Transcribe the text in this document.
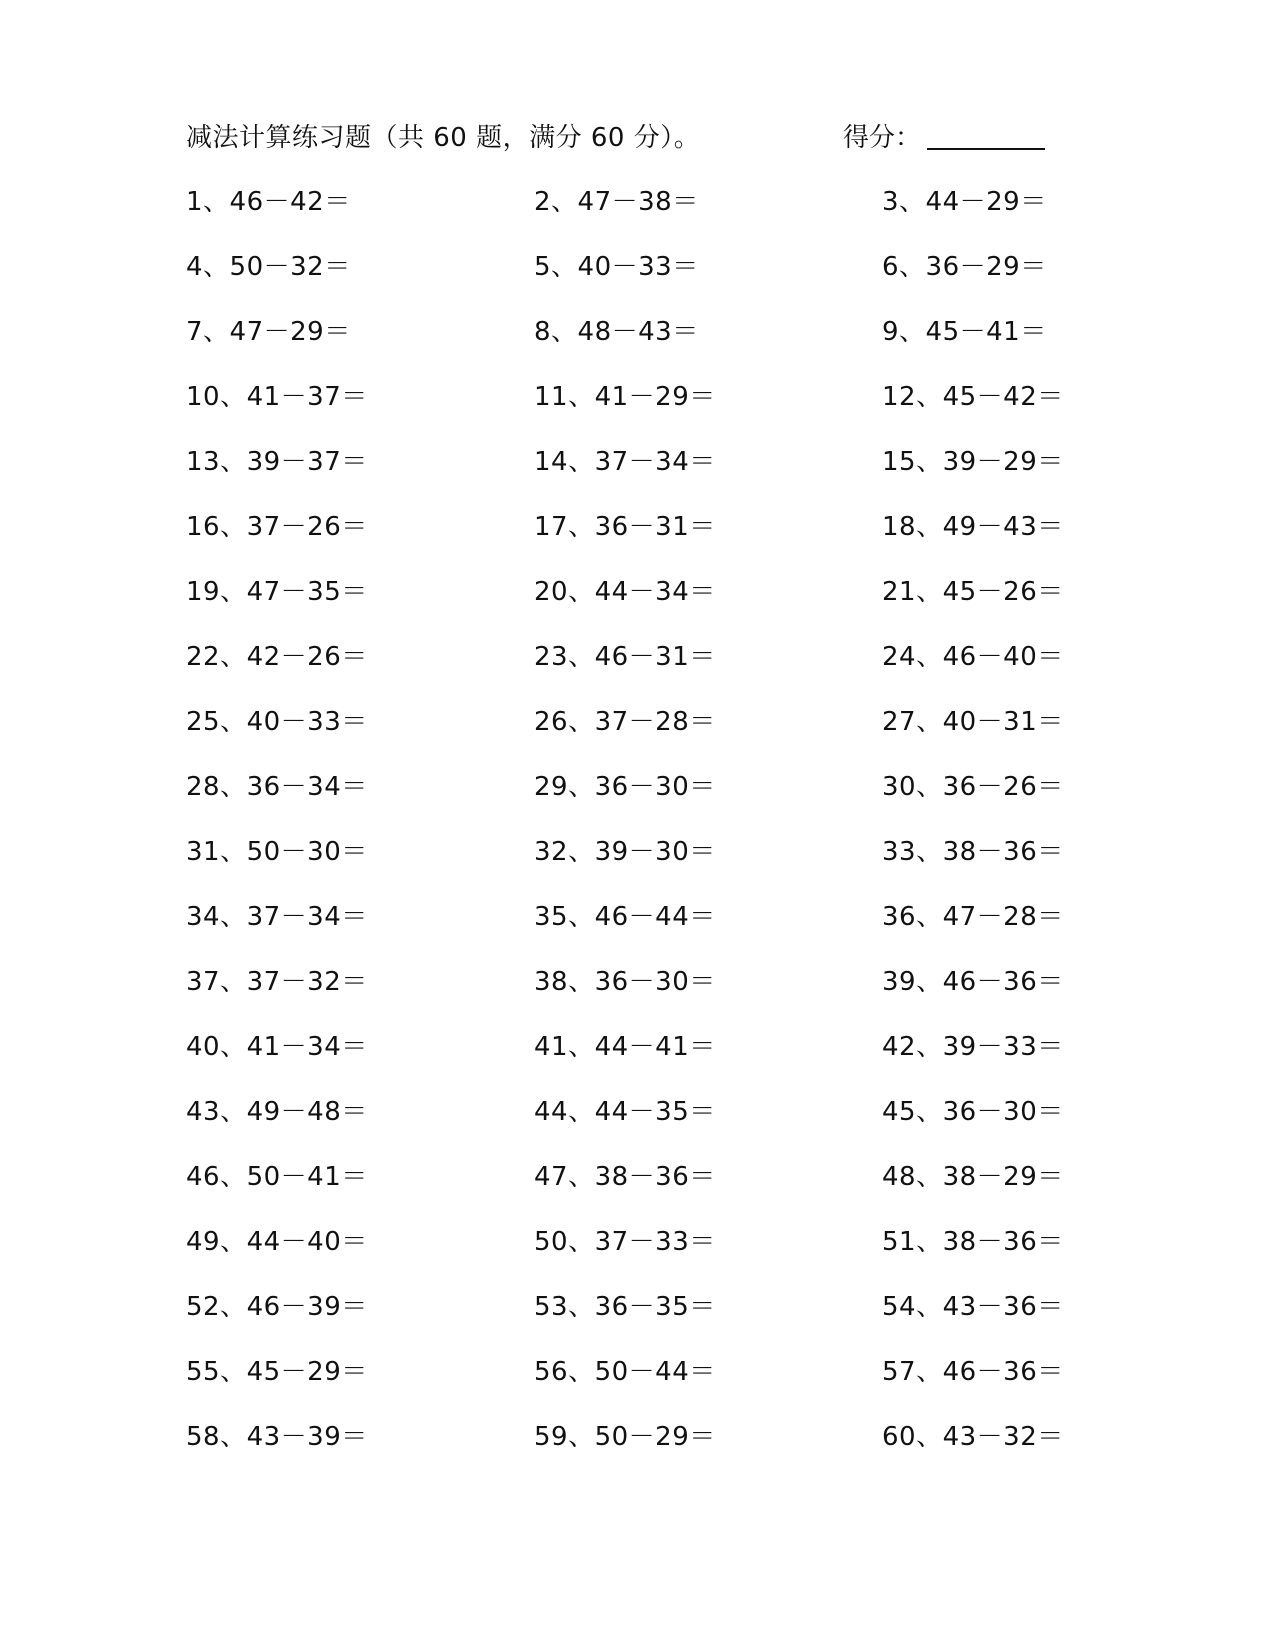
减法计算练习题（共 60 题，满分 60 分）。	得分：
1、46－42＝	2、47－38＝	3、44－29＝
4、50－32＝	5、40－33＝	6、36－29＝
7、47－29＝	8、48－43＝	9、45－41＝
10、41－37＝	11、41－29＝	12、45－42＝
13、39－37＝	14、37－34＝	15、39－29＝
16、37－26＝	17、36－31＝	18、49－43＝
19、47－35＝	20、44－34＝	21、45－26＝
22、42－26＝	23、46－31＝	24、46－40＝
25、40－33＝	26、37－28＝	27、40－31＝
28、36－34＝	29、36－30＝	30、36－26＝
31、50－30＝	32、39－30＝	33、38－36＝
34、37－34＝	35、46－44＝	36、47－28＝
37、37－32＝	38、36－30＝	39、46－36＝
40、41－34＝	41、44－41＝	42、39－33＝
43、49－48＝	44、44－35＝	45、36－30＝
46、50－41＝	47、38－36＝	48、38－29＝
49、44－40＝	50、37－33＝	51、38－36＝
52、46－39＝	53、36－35＝	54、43－36＝
55、45－29＝	56、50－44＝	57、46－36＝
58、43－39＝	59、50－29＝	60、43－32＝
